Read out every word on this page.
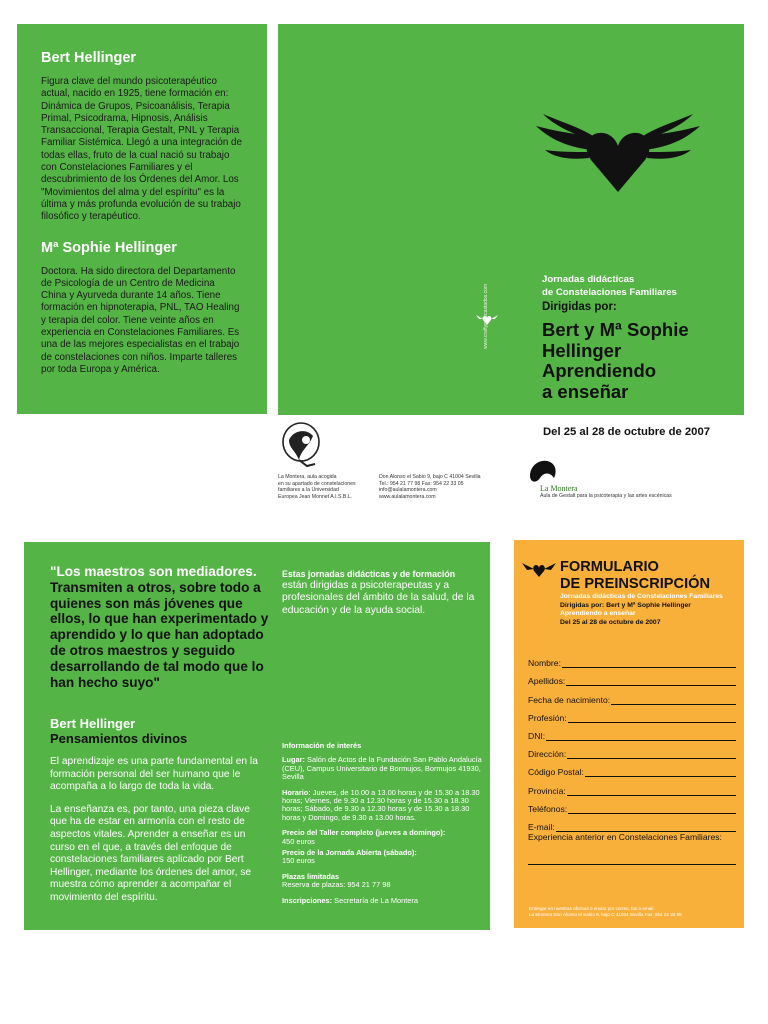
Bert Hellinger
Figura clave del mundo psicoterapéutico actual, nacido en 1925, tiene formación en: Dinámica de Grupos, Psicoanálisis, Terapia Primal, Psicodrama, Hipnosis, Análisis Transaccional, Terapia Gestalt, PNL y Terapia Familiar Sistémica. Llegó a una integración de todas ellas, fruto de la cual nació su trabajo con Constelaciones Familiares y el descubrimiento de los Órdenes del Amor. Los "Movimientos del alma y del espíritu" es la última y más profunda evolución de su trabajo filosófico y terapéutico.
Mª Sophie Hellinger
Doctora. Ha sido directora del Departamento de Psicología de un Centro de Medicina China y Ayurveda durante 14 años. Tiene formación en hipnoterapia, PNL, TAO Healing y terapia del color. Tiene veinte años en experiencia en Constelaciones Familiares. Es una de las mejores especialistas en el trabajo de constelaciones con niños. Imparte talleres por toda Europa y América.
www.craftyouarcastados.com
Jornadas didácticas
de Constelaciones Familiares
Dirigidas por:
Bert y Mª Sophie
Hellinger
Aprendiendo
a enseñar
Del 25 al 28 de octubre de 2007
La Montera, aula acogida
en su apartado de constelaciones
familiares a la Universidad
Europea Jean Monnet A.I.S.B.L.
Don Alonso el Sabio 9, bajo C 41004 Sevilla
Tel.: 954 21 77 98 Fax: 954 22 33 05
info@aulalamontera.com
www.aulalamontera.com
La Montera
Aula de Gestalt para la psicoterapia y las artes escénicas
"Los maestros son mediadores. Transmiten a otros, sobre todo a quienes son más jóvenes que ellos, lo que han experimentado y aprendido y lo que han adoptado de otros maestros y seguido desarrollando de tal modo que lo han hecho suyo"
Bert Hellinger
Pensamientos divinos

El aprendizaje es una parte fundamental en la formación personal del ser humano que le acompaña a lo largo de toda la vida.

La enseñanza es, por tanto, una pieza clave que ha de estar en armonía con el resto de aspectos vitales. Aprender a enseñar es un curso en el que, a través del enfoque de constelaciones familiares aplicado por Bert Hellinger, mediante los órdenes del amor, se muestra cómo aprender a acompañar el movimiento del espíritu.

Estas jornadas didácticas y de formación
están dirigidas a psicoterapeutas y a profesionales del ámbito de la salud, de la educación y de la ayuda social.
Información de interés
Lugar: Salón de Actos de la Fundación San Pablo Andalucía (CEU), Campus Universitario de Bormujos, Bormujos 41930, Sevilla
Horario: Jueves, de 10.00 a 13.00 horas y de 15.30 a 18.30 horas; Viernes, de 9.30 a 12.30 horas y de 15.30 a 18.30 horas; Sábado, de 9.30 a 12.30 horas y de 15.30 a 18.30 horas y Domingo, de 9.30 a 13.00 horas.
Precio del Taller completo (jueves a domingo):
450 euros
Precio de la Jornada Abierta (sábado):
150 euros
Plazas limitadas
Reserva de plazas: 954 21 77 98
Inscripciones: Secretaría de La Montera
FORMULARIO
DE PREINSCRIPCIÓN
Jornadas didácticas de Constelaciones Familiares
Dirigidas por: Bert y Mª Sophie Hellinger
Aprendiendo a enseñar
Del 25 al 28 de octubre de 2007
Nombre:
Apellidos:
Fecha de nacimiento:
Profesión:
DNI:
Dirección:
Código Postal:
Provincia:
Teléfonos:
E-mail:
Experiencia anterior en Constelaciones Familiares:
Entregar en nuestras oficinas o enviar por correo, fax o email.
La Montera Don Alonso el Sabio 9, bajo C 41004 Sevilla Fax: 954 22 33 05
